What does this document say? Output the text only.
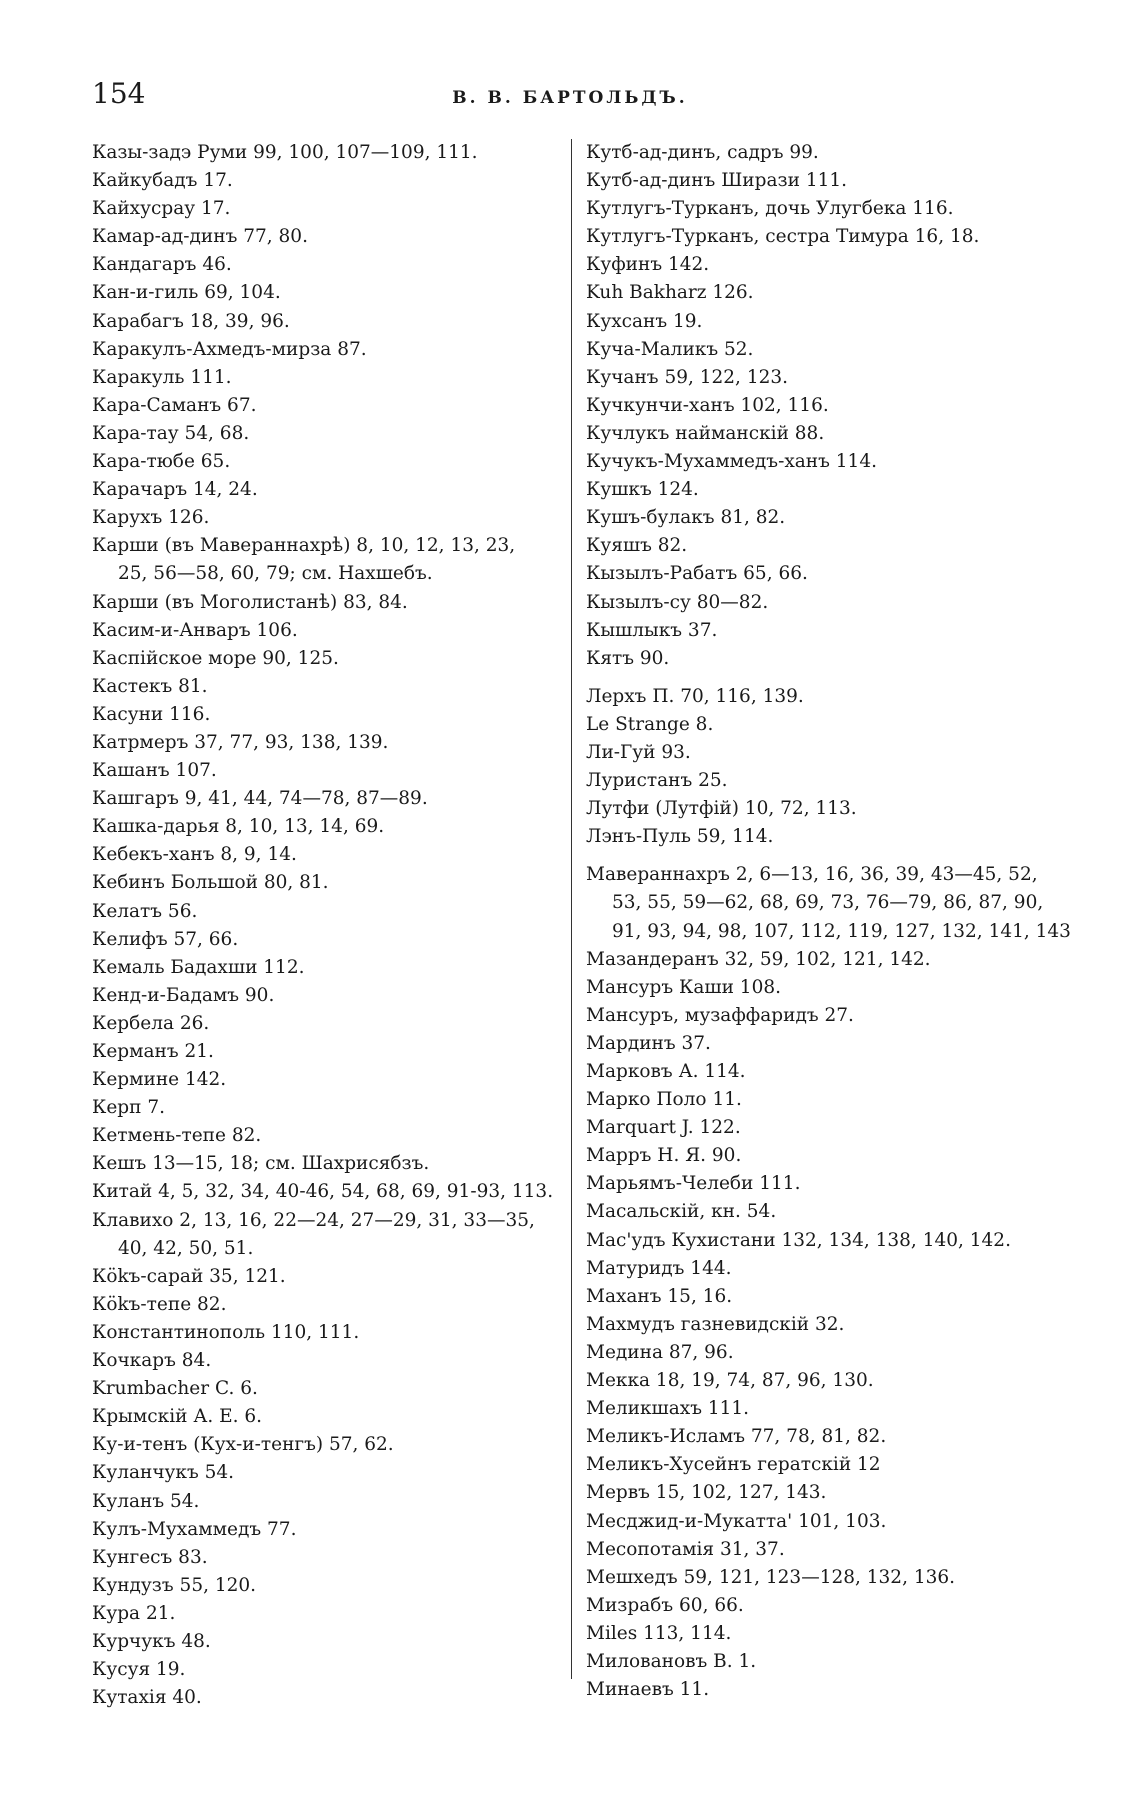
154	В. В. БАРТОЛЬДЪ.
Казы-задэ Руми 99, 100, 107—109, 111.
Кайкубадъ 17.
Кайхусрау 17.
Камар-ад-динъ 77, 80.
Кандагаръ 46.
Кан-и-гиль 69, 104.
Карабагъ 18, 39, 96.
Каракулъ-Ахмедъ-мирза 87.
Каракуль 111.
Кара-Саманъ 67.
Кара-тау 54, 68.
Кара-тюбе 65.
Карачаръ 14, 24.
Карухъ 126.
Карши (въ Мавераннахрѣ) 8, 10, 12, 13, 23,
25, 56—58, 60, 79; см. Нахшебъ.
Карши (въ Моголистанѣ) 83, 84.
Касим-и-Анваръ 106.
Каспійское море 90, 125.
Кастекъ 81.
Касуни 116.
Катрмеръ 37, 77, 93, 138, 139.
Кашанъ 107.
Кашгаръ 9, 41, 44, 74—78, 87—89.
Кашка-дарья 8, 10, 13, 14, 69.
Кебекъ-ханъ 8, 9, 14.
Кебинъ Большой 80, 81.
Келатъ 56.
Келифъ 57, 66.
Кемаль Бадахши 112.
Кенд-и-Бадамъ 90.
Кербела 26.
Керманъ 21.
Кермине 142.
Керп 7.
Кетмень-тепе 82.
Кешъ 13—15, 18; см. Шахрисябзъ.
Китай 4, 5, 32, 34, 40-46, 54, 68, 69, 91-93, 113.
Клавихо 2, 13, 16, 22—24, 27—29, 31, 33—35,
40, 42, 50, 51.
Кökъ-сарай 35, 121.
Кökъ-тепе 82.
Константинополь 110, 111.
Кочкаръ 84.
Krumbacher C. 6.
Крымскій А. Е. 6.
Ку-и-тенъ (Кух-и-тенгъ) 57, 62.
Куланчукъ 54.
Куланъ 54.
Кулъ-Мухаммедъ 77.
Кунгесъ 83.
Кундузъ 55, 120.
Кура 21.
Курчукъ 48.
Кусуя 19.
Кутахія 40.
Кутб-ад-динъ, садръ 99.
Кутб-ад-динъ Ширази 111.
Кутлугъ-Турканъ, дочь Улугбека 116.
Кутлугъ-Турканъ, сестра Тимура 16, 18.
Куфинъ 142.
Kuh Bakharz 126.
Кухсанъ 19.
Куча-Маликъ 52.
Кучанъ 59, 122, 123.
Кучкунчи-ханъ 102, 116.
Кучлукъ найманскій 88.
Кучукъ-Мухаммедъ-ханъ 114.
Кушкъ 124.
Кушъ-булакъ 81, 82.
Куяшъ 82.
Кызылъ-Рабатъ 65, 66.
Кызылъ-су 80—82.
Кышлыкъ 37.
Кятъ 90.
Лерхъ П. 70, 116, 139.
Le Strange 8.
Ли-Гуй 93.
Луристанъ 25.
Лутфи (Лутфій) 10, 72, 113.
Лэнъ-Пуль 59, 114.
Мавераннахръ 2, 6—13, 16, 36, 39, 43—45, 52,
53, 55, 59—62, 68, 69, 73, 76—79, 86, 87, 90,
91, 93, 94, 98, 107, 112, 119, 127, 132, 141, 143
Мазандеранъ 32, 59, 102, 121, 142.
Мансуръ Каши 108.
Мансуръ, музаффаридъ 27.
Мардинъ 37.
Марковъ А. 114.
Марко Поло 11.
Marquart J. 122.
Марръ Н. Я. 90.
Марьямъ-Челеби 111.
Масальскій, кн. 54.
Мас'удъ Кухистани 132, 134, 138, 140, 142.
Матуридъ 144.
Маханъ 15, 16.
Махмудъ газневидскій 32.
Медина 87, 96.
Мекка 18, 19, 74, 87, 96, 130.
Меликшахъ 111.
Меликъ-Исламъ 77, 78, 81, 82.
Меликъ-Хусейнъ гератскій 12
Мервъ 15, 102, 127, 143.
Месджид-и-Мукатта' 101, 103.
Месопотамія 31, 37.
Мешхедъ 59, 121, 123—128, 132, 136.
Мизрабъ 60, 66.
Miles 113, 114.
Миловановъ В. 1.
Минаевъ 11.
